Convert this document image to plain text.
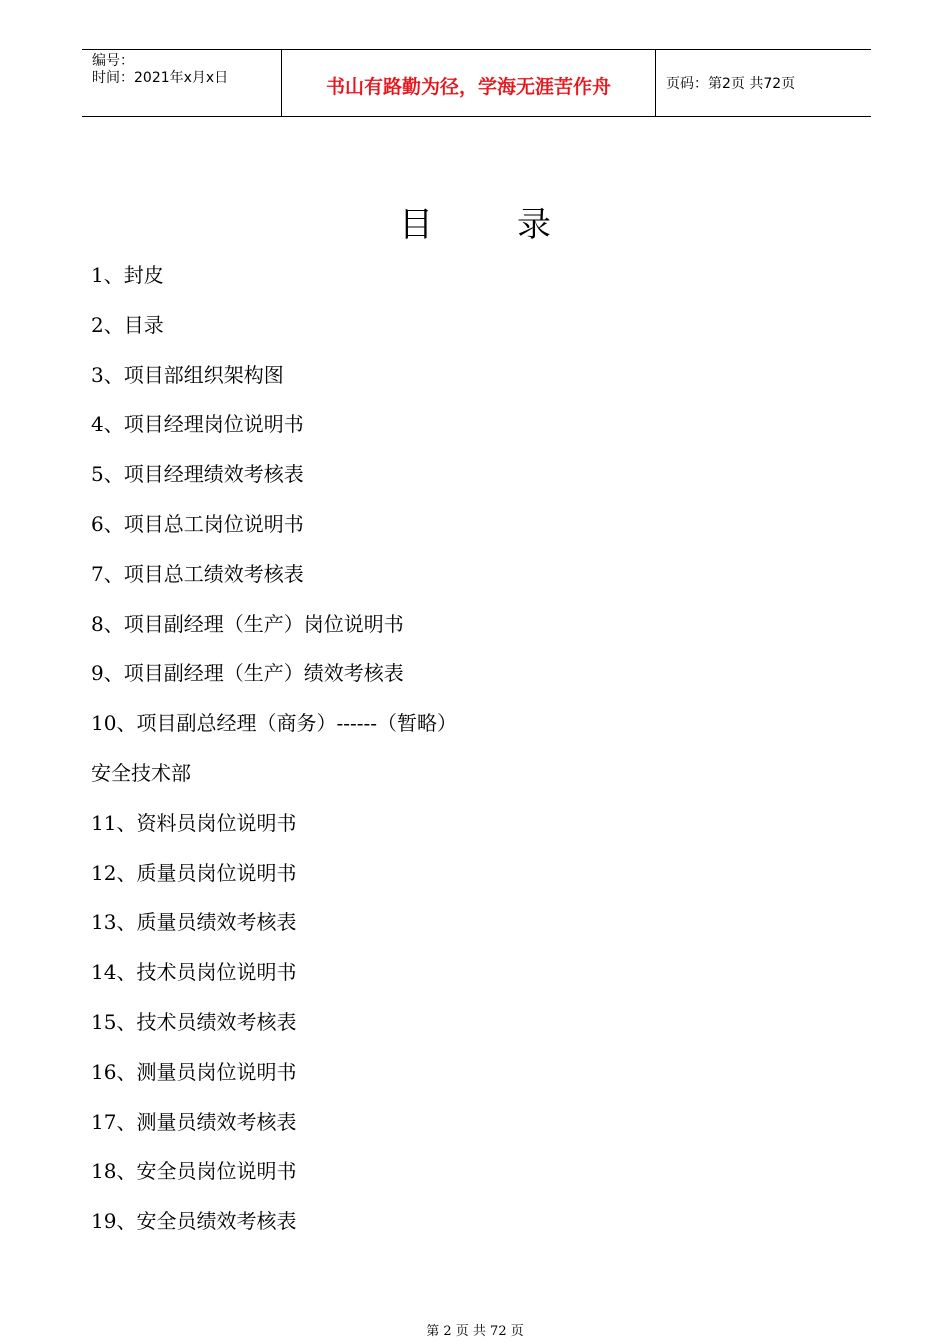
编号：
时间：2021年x月x日	书山有路勤为径，学海无涯苦作舟	页码：第2页 共72页
目录
1、封皮
2、目录
3、项目部组织架构图
4、项目经理岗位说明书
5、项目经理绩效考核表
6、项目总工岗位说明书
7、项目总工绩效考核表
8、项目副经理（生产）岗位说明书
9、项目副经理（生产）绩效考核表
10、项目副总经理（商务）------（暂略）
安全技术部
11、资料员岗位说明书
12、质量员岗位说明书
13、质量员绩效考核表
14、技术员岗位说明书
15、技术员绩效考核表
16、测量员岗位说明书
17、测量员绩效考核表
18、安全员岗位说明书
19、安全员绩效考核表
第 2 页 共 72 页
